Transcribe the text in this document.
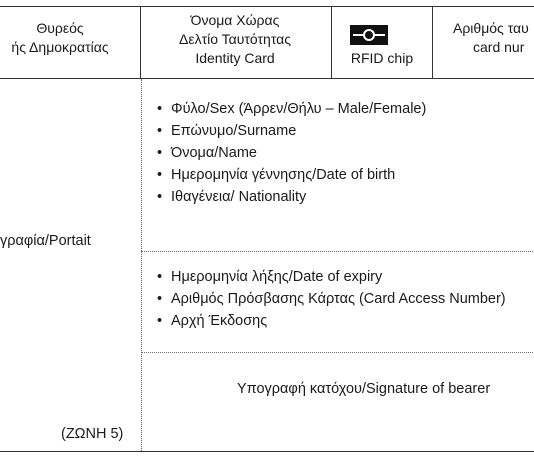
Θυρεός
ής Δημοκρατίας
Όνομα Χώρας
Δελτίο Ταυτότητας
Identity Card	RFID chip
Αριθμός ταυ
card nur
γραφία/Portait
(ΖΩΝΗ 5)
• Φύλο/Sex (Άρρεν/Θήλυ – Male/Female)
• Επώνυμο/Surname
• Όνομα/Name
• Ημερομηνία γέννησης/Date of birth
• Ιθαγένεια/ Nationality
• Ημερομηνία λήξης/Date of expiry
• Αριθμός Πρόσβασης Κάρτας (Card Access Number)
• Αρχή Έκδοσης
Υπογραφή κατόχου/Signature of bearer
